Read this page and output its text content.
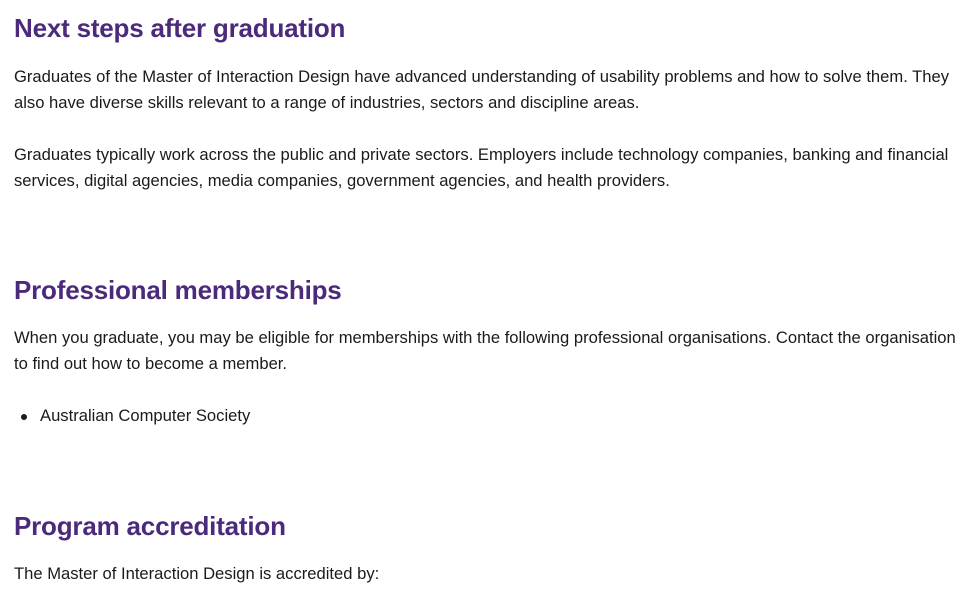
Next steps after graduation

Graduates of the Master of Interaction Design have advanced understanding of usability problems and how to solve them. They also have diverse skills relevant to a range of industries, sectors and discipline areas.

Graduates typically work across the public and private sectors. Employers include technology companies, banking and financial services, digital agencies, media companies, government agencies, and health providers.

Professional memberships

When you graduate, you may be eligible for memberships with the following professional organisations. Contact the organisation to find out how to become a member.

Australian Computer Society
Program accreditation

The Master of Interaction Design is accredited by:
